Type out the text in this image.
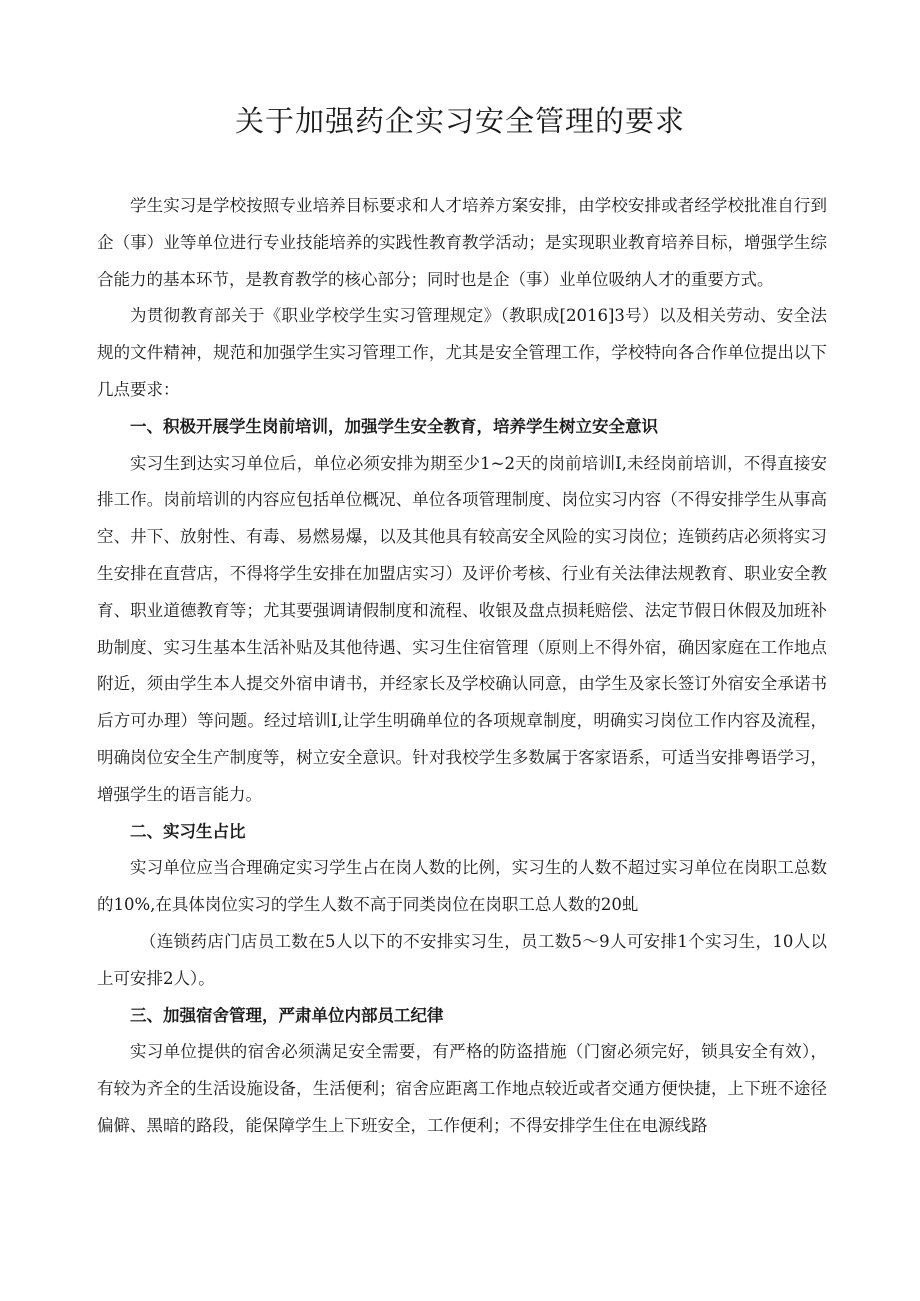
关于加强药企实习安全管理的要求

学生实习是学校按照专业培养目标要求和人才培养方案安排，由学校安排或者经学校批准自行到企（事）业等单位进行专业技能培养的实践性教育教学活动；是实现职业教育培养目标，增强学生综合能力的基本环节，是教育教学的核心部分；同时也是企（事）业单位吸纳人才的重要方式。

为贯彻教育部关于《职业学校学生实习管理规定》（教职成[2016]3号）以及相关劳动、安全法规的文件精神，规范和加强学生实习管理工作，尤其是安全管理工作，学校特向各合作单位提出以下几点要求：

一、积极开展学生岗前培训，加强学生安全教育，培养学生树立安全意识

实习生到达实习单位后，单位必须安排为期至少1~2天的岗前培训I,未经岗前培训，不得直接安排工作。岗前培训的内容应包括单位概况、单位各项管理制度、岗位实习内容（不得安排学生从事高空、井下、放射性、有毒、易燃易爆，以及其他具有较高安全风险的实习岗位；连锁药店必须将实习生安排在直营店，不得将学生安排在加盟店实习）及评价考核、行业有关法律法规教育、职业安全教育、职业道德教育等；尤其要强调请假制度和流程、收银及盘点损耗赔偿、法定节假日休假及加班补助制度、实习生基本生活补贴及其他待遇、实习生住宿管理（原则上不得外宿，确因家庭在工作地点附近，须由学生本人提交外宿申请书，并经家长及学校确认同意，由学生及家长签订外宿安全承诺书后方可办理）等问题。经过培训I,让学生明确单位的各项规章制度，明确实习岗位工作内容及流程，明确岗位安全生产制度等，树立安全意识。针对我校学生多数属于客家语系，可适当安排粤语学习，增强学生的语言能力。

二、实习生占比

实习单位应当合理确定实习学生占在岗人数的比例，实习生的人数不超过实习单位在岗职工总数的10%,在具体岗位实习的学生人数不高于同类岗位在岗职工总人数的20虬

（连锁药店门店员工数在5人以下的不安排实习生，员工数5～9人可安排1个实习生，10人以上可安排2人）。

三、加强宿舍管理，严肃单位内部员工纪律

实习单位提供的宿舍必须满足安全需要，有严格的防盗措施（门窗必须完好，锁具安全有效），有较为齐全的生活设施设备，生活便利；宿舍应距离工作地点较近或者交通方便快捷，上下班不途径偏僻、黑暗的路段，能保障学生上下班安全，工作便利；不得安排学生住在电源线路
